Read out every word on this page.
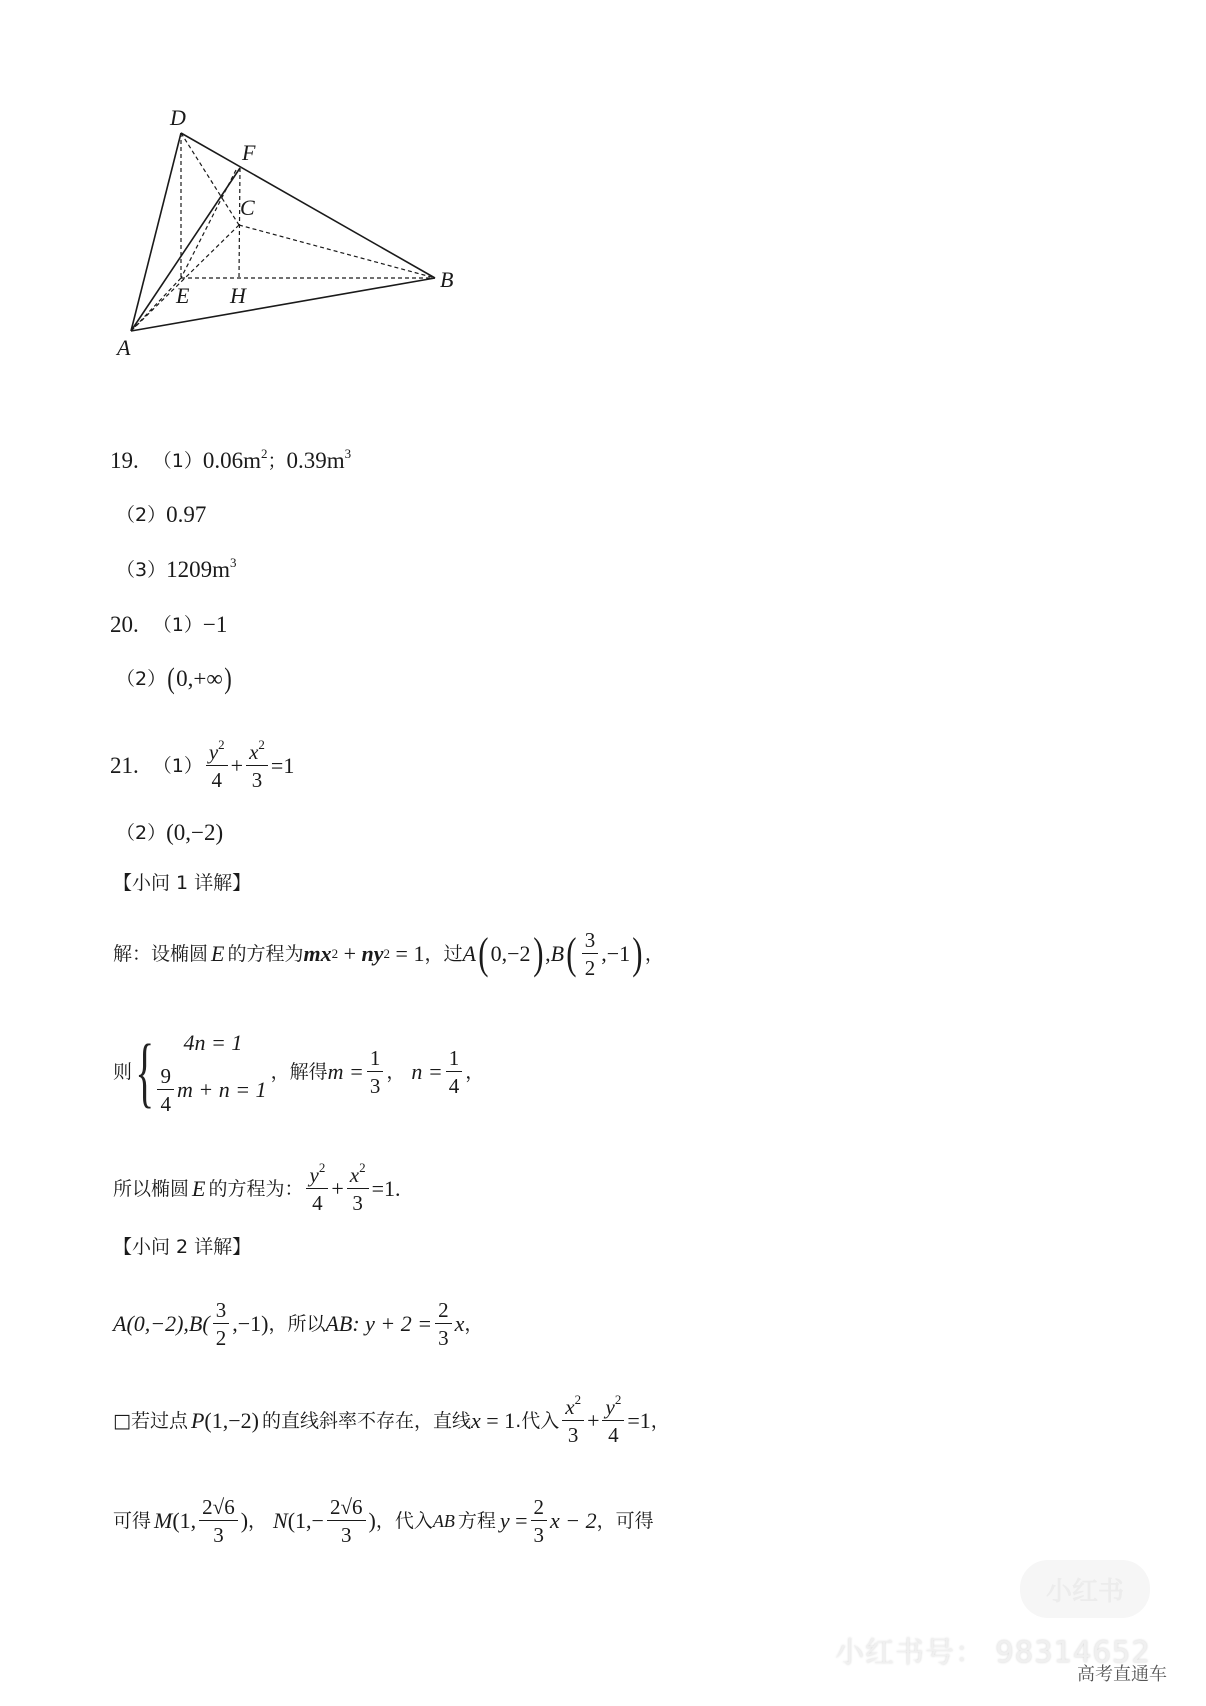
D
F
C
E H
B
A
19. （1） $0.06m^2$ ； $0.39m^3$
（2） 0.97
（3） $1209m^3$
20. （1） −1
（2） ( 0,+∞ )
21. $(1) \frac{y^2}{4} + \frac{x^2}{3} =1$
（2） (0,−2)
【小问 1 详解】
解：设椭圆 E 的方程为 mx 2 + ny 2 = 1 ，过 A ( 0,−2 ) , B ( $\frac{3}{2} ,-1$ ) ，
则 {	4n = 1
$\frac{9}{4}$ m + n = 1
，解得 $m = \frac{1}{3}$ ， $n = \frac{1}{4}$ ，
所以椭圆 E 的方程为： $\frac{y^2}{4} + \frac{x^2}{3} =1$.
【小问 2 详解】
$A(0,-2),B( \frac{3}{2} ,-1)$ ，所以 AB : $y + 2 = \frac{2}{3}$ x ，
□ 若过点 P (1,−2) 的直线斜率不存在，直线 x = 1 .代入 $\frac{x^2}{3} + \frac{y^2}{4} =1$ ，
可得 M (1, $\frac{2√6}{3}$ ) ， N ($1,- \frac{2√6}{3}$ ) ，代入 AB 方程 $y = \frac{2}{3}$ x − 2 ，可得
小红书
小红书号： 98314652
高考直通车
